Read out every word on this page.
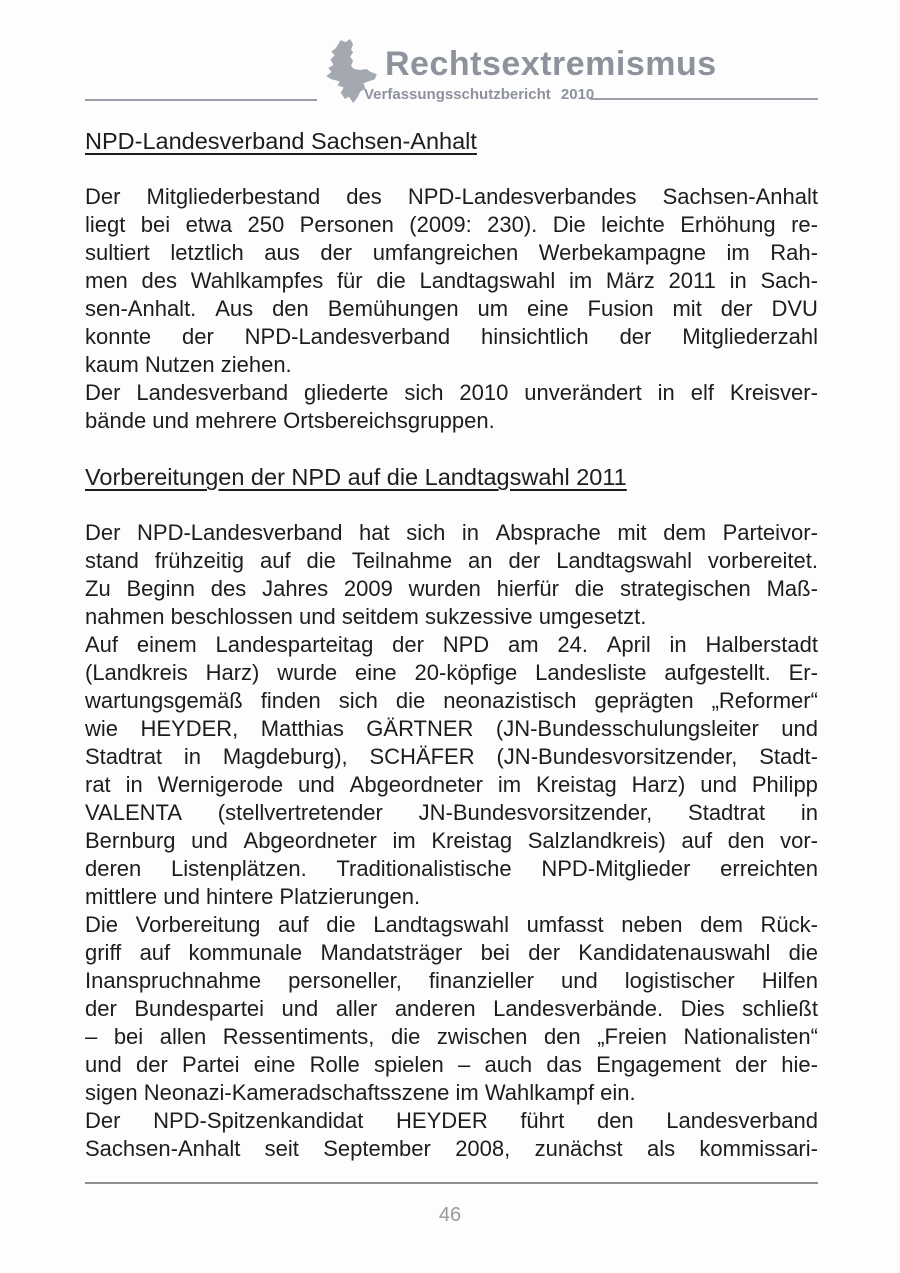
Rechtsextremismus
Verfassungsschutzbericht 2010
NPD-Landesverband Sachsen-Anhalt
Der Mitgliederbestand des NPD-Landesverbandes Sachsen-Anhalt
liegt bei etwa 250 Personen (2009: 230). Die leichte Erhöhung re-
sultiert letztlich aus der umfangreichen Werbekampagne im Rah-
men des Wahlkampfes für die Landtagswahl im März 2011 in Sach-
sen-Anhalt. Aus den Bemühungen um eine Fusion mit der DVU
konnte der NPD-Landesverband hinsichtlich der Mitgliederzahl
kaum Nutzen ziehen.
Der Landesverband gliederte sich 2010 unverändert in elf Kreisver-
bände und mehrere Ortsbereichsgruppen.
Vorbereitungen der NPD auf die Landtagswahl 2011
Der NPD-Landesverband hat sich in Absprache mit dem Parteivor-
stand frühzeitig auf die Teilnahme an der Landtagswahl vorbereitet.
Zu Beginn des Jahres 2009 wurden hierfür die strategischen Maß-
nahmen beschlossen und seitdem sukzessive umgesetzt.
Auf einem Landesparteitag der NPD am 24. April in Halberstadt
(Landkreis Harz) wurde eine 20-köpfige Landesliste aufgestellt. Er-
wartungsgemäß finden sich die neonazistisch geprägten „Reformer“
wie HEYDER, Matthias GÄRTNER (JN-Bundesschulungsleiter und
Stadtrat in Magdeburg), SCHÄFER (JN-Bundesvorsitzender, Stadt-
rat in Wernigerode und Abgeordneter im Kreistag Harz) und Philipp
VALENTA (stellvertretender JN-Bundesvorsitzender, Stadtrat in
Bernburg und Abgeordneter im Kreistag Salzlandkreis) auf den vor-
deren Listenplätzen. Traditionalistische NPD-Mitglieder erreichten
mittlere und hintere Platzierungen.
Die Vorbereitung auf die Landtagswahl umfasst neben dem Rück-
griff auf kommunale Mandatsträger bei der Kandidatenauswahl die
Inanspruchnahme personeller, finanzieller und logistischer Hilfen
der Bundespartei und aller anderen Landesverbände. Dies schließt
– bei allen Ressentiments, die zwischen den „Freien Nationalisten“
und der Partei eine Rolle spielen – auch das Engagement der hie-
sigen Neonazi-Kameradschaftsszene im Wahlkampf ein.
Der NPD-Spitzenkandidat HEYDER führt den Landesverband
Sachsen-Anhalt seit September 2008, zunächst als kommissari-
46
